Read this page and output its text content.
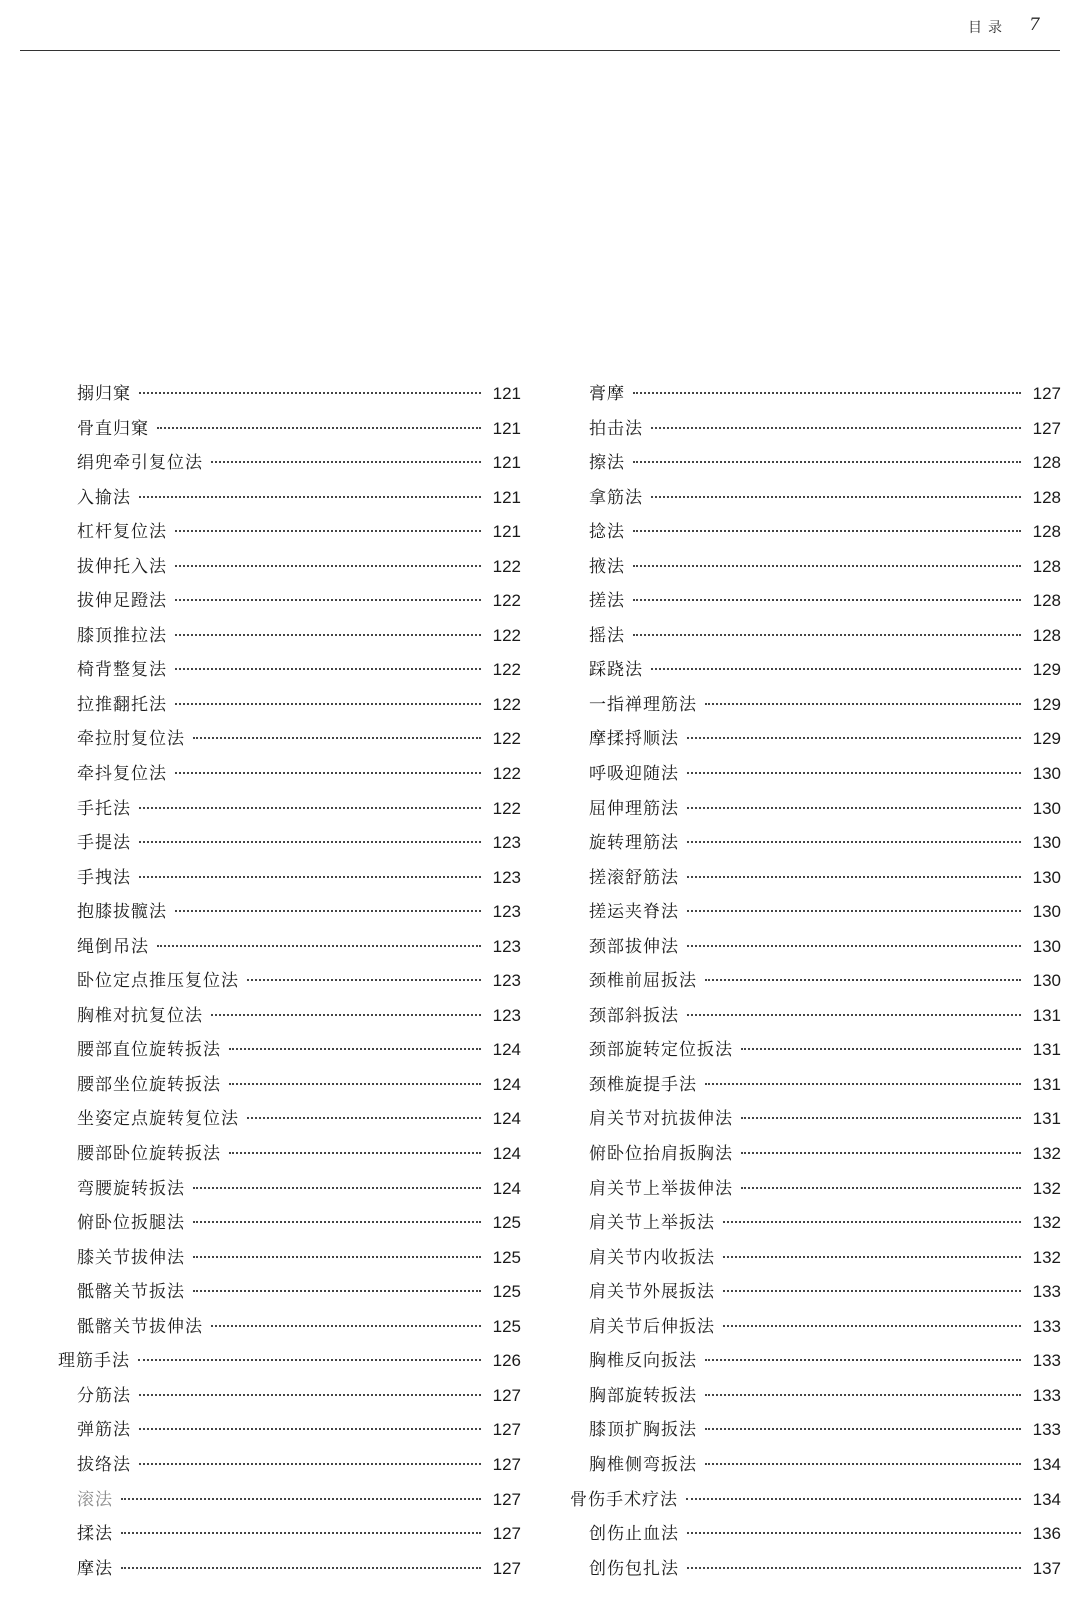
目录 7
搦归窠	121
骨直归窠	121
绢兜牵引复位法	121
入揄法	121
杠杆复位法	121
拔伸托入法	122
拔伸足蹬法	122
膝顶推拉法	122
椅背整复法	122
拉推翻托法	122
牵拉肘复位法	122
牵抖复位法	122
手托法	122
手提法	123
手拽法	123
抱膝拔髋法	123
绳倒吊法	123
卧位定点推压复位法	123
胸椎对抗复位法	123
腰部直位旋转扳法	124
腰部坐位旋转扳法	124
坐姿定点旋转复位法	124
腰部卧位旋转扳法	124
弯腰旋转扳法	124
俯卧位扳腿法	125
膝关节拔伸法	125
骶髂关节扳法	125
骶髂关节拔伸法	125
理筋手法	126
分筋法	127
弹筋法	127
拔络法	127
滚法	127
揉法	127
摩法	127
膏摩	127
拍击法	127
擦法	128
拿筋法	128
捻法	128
掖法	128
搓法	128
摇法	128
踩跷法	129
一指禅理筋法	129
摩揉捋顺法	129
呼吸迎随法	130
屈伸理筋法	130
旋转理筋法	130
搓滚舒筋法	130
搓运夹脊法	130
颈部拔伸法	130
颈椎前屈扳法	130
颈部斜扳法	131
颈部旋转定位扳法	131
颈椎旋提手法	131
肩关节对抗拔伸法	131
俯卧位抬肩扳胸法	132
肩关节上举拔伸法	132
肩关节上举扳法	132
肩关节内收扳法	132
肩关节外展扳法	133
肩关节后伸扳法	133
胸椎反向扳法	133
胸部旋转扳法	133
膝顶扩胸扳法	133
胸椎侧弯扳法	134
骨伤手术疗法	134
创伤止血法	136
创伤包扎法	137
